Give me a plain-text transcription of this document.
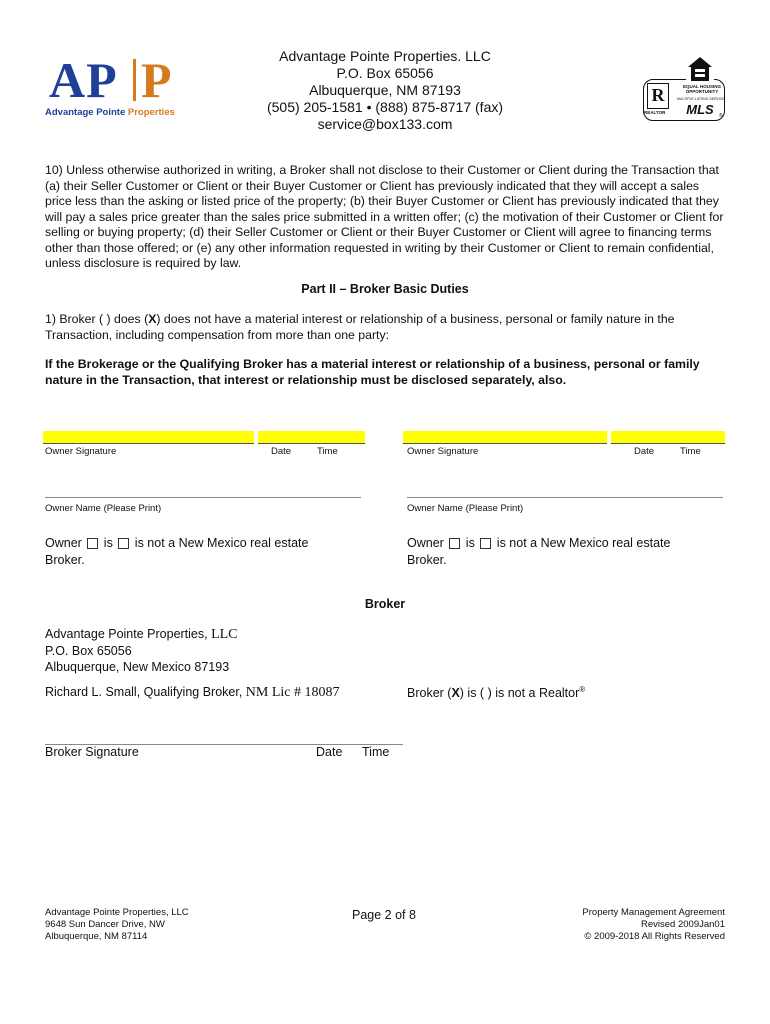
AP P
Advantage Pointe Properties
Advantage Pointe Properties. LLC
P.O. Box 65056
Albuquerque, NM 87193
(505) 205-1581 • (888) 875-8717 (fax)
service@box133.com
EQUAL HOUSING OPPORTUNITY
R
REALTOR
MULTIPLE LISTING SERVICE
MLS	®
10) Unless otherwise authorized in writing, a Broker shall not disclose to their Customer or Client during the Transaction that (a) their Seller Customer or Client or their Buyer Customer or Client has previously indicated that they will accept a sales price less than the asking or listed price of the property; (b) their Buyer Customer or Client has previously indicated that they will pay a sales price greater than the sales price submitted in a written offer; (c) the motivation of their Customer or Client for selling or buying property; (d) their Seller Customer or Client or their Buyer Customer or Client will agree to financing terms other than those offered; or (e) any other information requested in writing by their Customer or Client to remain confidential, unless disclosure is required by law.
Part II – Broker Basic Duties
1) Broker ( ) does (X) does not have a material interest or relationship of a business, personal or family nature in the Transaction, including compensation from more than one party:
If the Brokerage or the Qualifying Broker has a material interest or relationship of a business, personal or family nature in the Transaction, that interest or relationship must be disclosed separately, also.
Owner Signature	Date	Time	Owner Signature	Date	Time
Owner Name (Please Print)	Owner Name (Please Print)
Owner is is not a New Mexico real estate
Broker.
Owner is is not a New Mexico real estate
Broker.
Broker
Advantage Pointe Properties, LLC
P.O. Box 65056
Albuquerque, New Mexico 87193
Richard L. Small, Qualifying Broker, NM Lic # 18087	Broker (X) is ( ) is not a Realtor®
Broker Signature	Date Time
Advantage Pointe Properties, LLC
9648 Sun Dancer Drive, NW
Albuquerque, NM 87114
Page 2 of 8	Property Management Agreement
Revised 2009Jan01
© 2009-2018 All Rights Reserved
